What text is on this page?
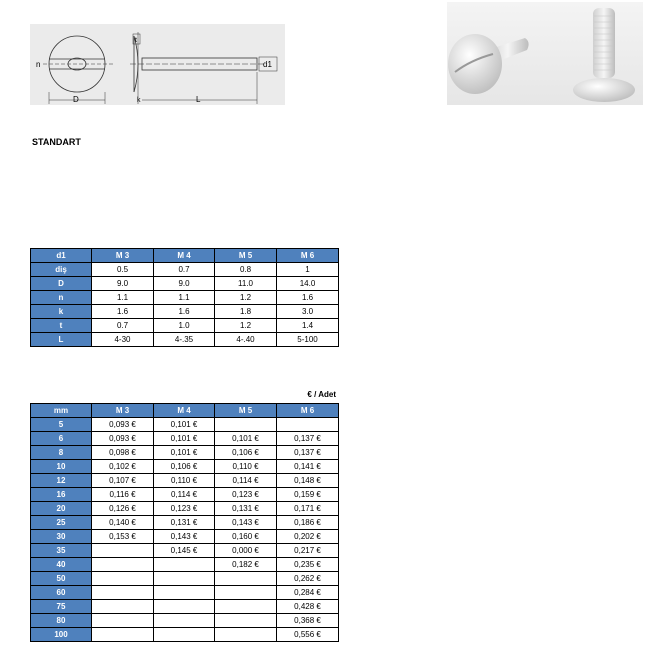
n
t
d1
D	k	L
STANDART
d1	M 3	M 4	M 5	M 6
diş	0.5	0.7	0.8	1
D	9.0	9.0	11.0	14.0
n	1.1	1.1	1.2	1.6
k	1.6	1.6	1.8	3.0
t	0.7	1.0	1.2	1.4
L	4-30	4-.35	4-.40	5-100
€ / Adet
mm	M 3	M 4	M 5	M 6
5	0,093 €	0,101 €		
6	0,093 €	0,101 €	0,101 €	0,137 €
8	0,098 €	0,101 €	0,106 €	0,137 €
10	0,102 €	0,106 €	0,110 €	0,141 €
12	0,107 €	0,110 €	0,114 €	0,148 €
16	0,116 €	0,114 €	0,123 €	0,159 €
20	0,126 €	0,123 €	0,131 €	0,171 €
25	0,140 €	0,131 €	0,143 €	0,186 €
30	0,153 €	0,143 €	0,160 €	0,202 €
35		0,145 €	0,000 €	0,217 €
40			0,182 €	0,235 €
50				0,262 €
60				0,284 €
75				0,428 €
80				0,368 €
100				0,556 €
